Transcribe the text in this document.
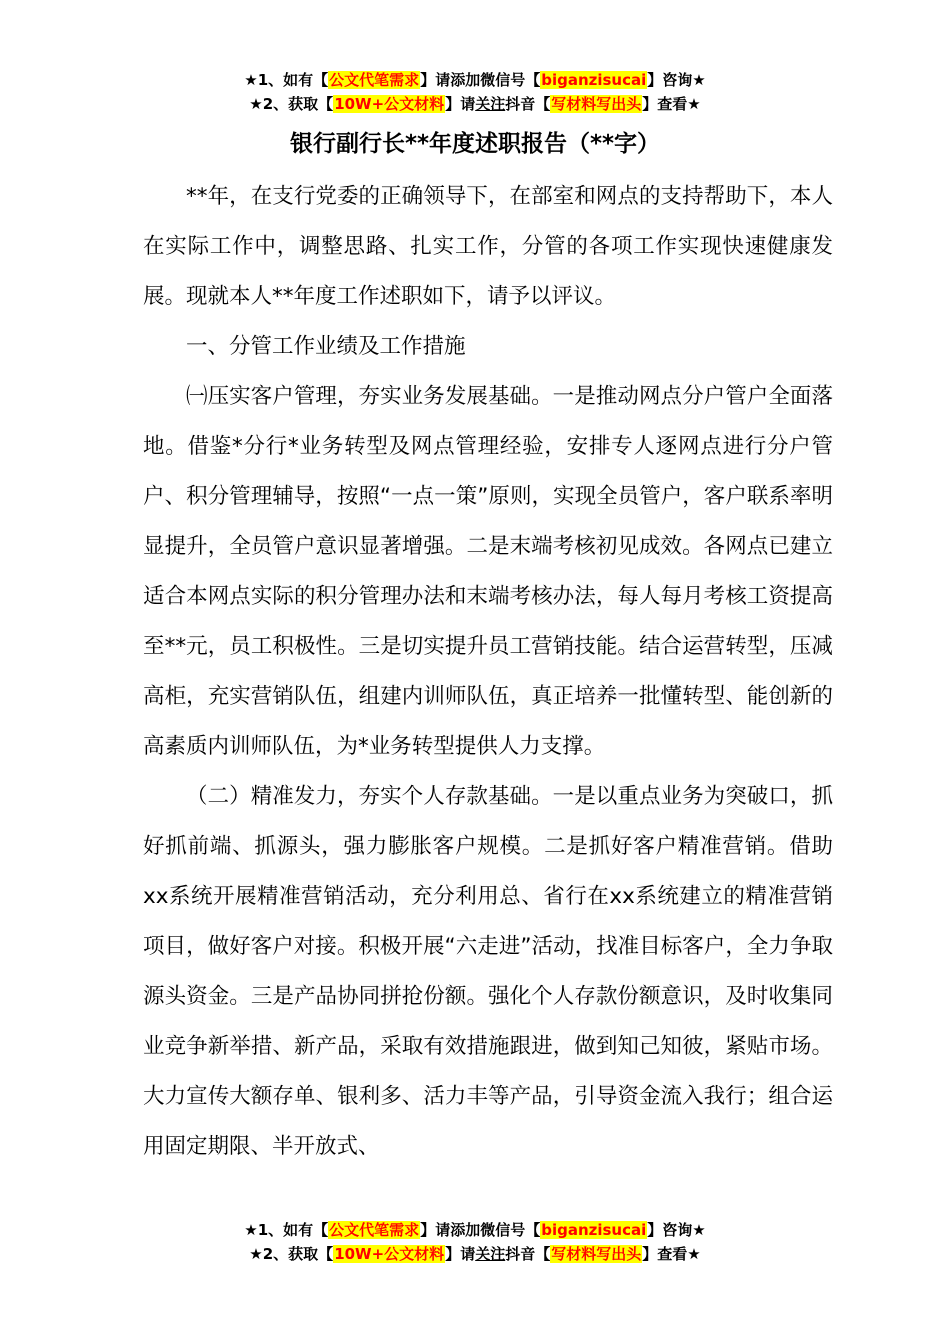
★1、如有【公文代笔需求】请添加微信号【biganzisucai】咨询★
★2、获取【10W+公文材料】请关注抖音【写材料写出头】查看★
银行副行长**年度述职报告（**字）

**年，在支行党委的正确领导下，在部室和网点的支持帮助下，本人在实际工作中，调整思路、扎实工作，分管的各项工作实现快速健康发展。现就本人**年度工作述职如下，请予以评议。

一、分管工作业绩及工作措施

㈠压实客户管理，夯实业务发展基础。一是推动网点分户管户全面落地。借鉴*分行*业务转型及网点管理经验，安排专人逐网点进行分户管户、积分管理辅导，按照“一点一策”原则，实现全员管户，客户联系率明显提升，全员管户意识显著增强。二是末端考核初见成效。各网点已建立适合本网点实际的积分管理办法和末端考核办法，每人每月考核工资提高至**元，员工积极性。三是切实提升员工营销技能。结合运营转型，压减高柜，充实营销队伍，组建内训师队伍，真正培养一批懂转型、能创新的高素质内训师队伍，为*业务转型提供人力支撑。

（二）精准发力，夯实个人存款基础。一是以重点业务为突破口，抓好抓前端、抓源头，强力膨胀客户规模。二是抓好客户精准营销。借助xx系统开展精准营销活动，充分利用总、省行在xx系统建立的精准营销项目，做好客户对接。积极开展“六走进”活动，找准目标客户，全力争取源头资金。三是产品协同拼抢份额。强化个人存款份额意识，及时收集同业竞争新举措、新产品，采取有效措施跟进，做到知己知彼，紧贴市场。大力宣传大额存单、银利多、活力丰等产品，引导资金流入我行；组合运用固定期限、半开放式、

★1、如有【公文代笔需求】请添加微信号【biganzisucai】咨询★
★2、获取【10W+公文材料】请关注抖音【写材料写出头】查看★
